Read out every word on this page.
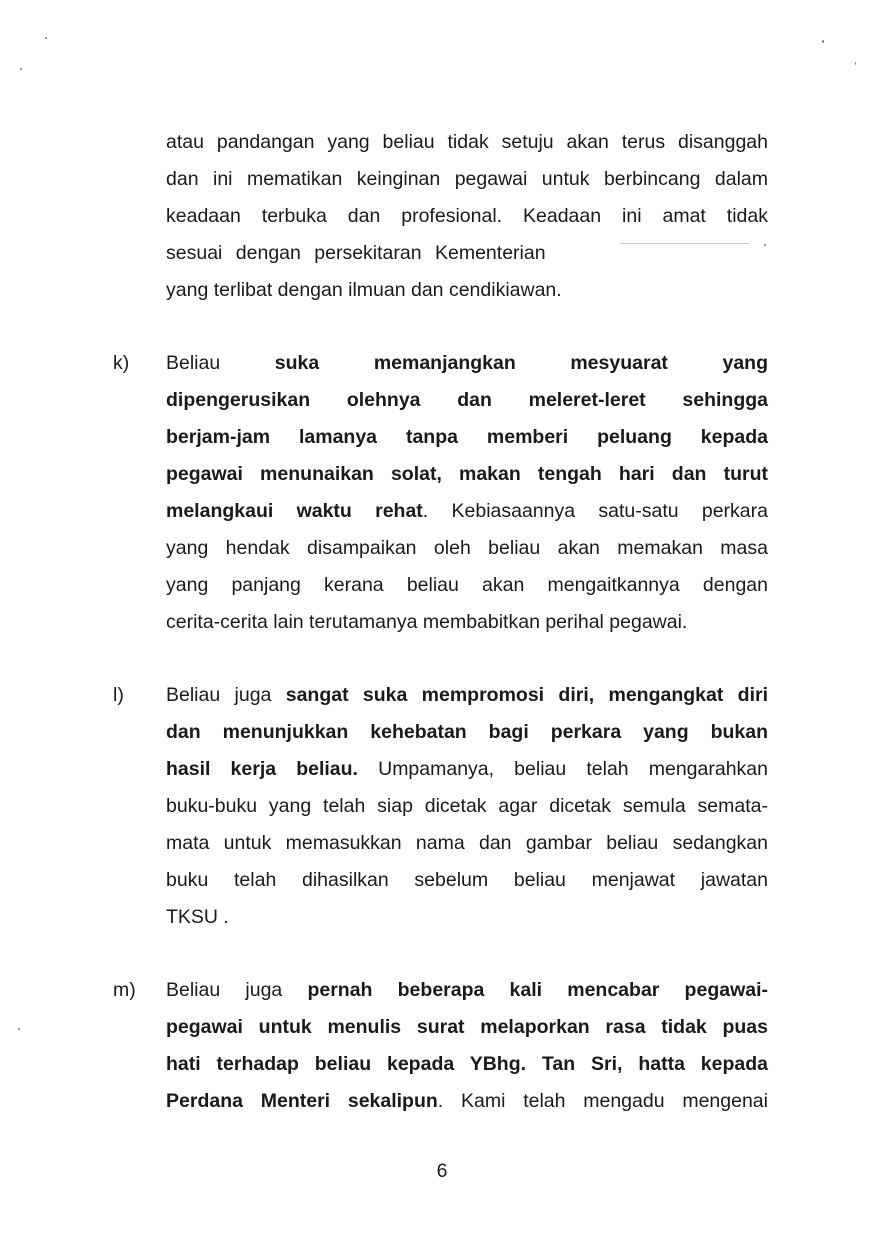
atau pandangan yang beliau tidak setuju akan terus disanggah
dan ini mematikan keinginan pegawai untuk berbincang dalam
keadaan terbuka dan profesional. Keadaan ini amat tidak
sesuai dengan persekitaran Kementerian
yang terlibat dengan ilmuan dan cendikiawan.
k) Beliau	suka memanjangkan mesyuarat yang
dipengerusikan olehnya dan meleret-leret sehingga
berjam-jam lamanya tanpa memberi peluang kepada
pegawai menunaikan solat, makan tengah hari dan turut
melangkaui waktu rehat. Kebiasaannya satu-satu perkara
yang hendak disampaikan oleh beliau akan memakan masa
yang panjang kerana beliau akan mengaitkannya dengan
cerita-cerita lain terutamanya membabitkan perihal pegawai.
l) Beliau juga sangat suka mempromosi diri, mengangkat diri
dan menunjukkan kehebatan bagi perkara yang bukan
hasil kerja beliau. Umpamanya, beliau telah mengarahkan
buku-buku yang telah siap dicetak agar dicetak semula semata-
mata untuk memasukkan nama dan gambar beliau sedangkan
buku telah dihasilkan sebelum beliau menjawat jawatan
TKSU .
m) Beliau juga pernah beberapa kali mencabar pegawai-
pegawai untuk menulis surat melaporkan rasa tidak puas
hati terhadap beliau kepada YBhg. Tan Sri, hatta kepada
Perdana Menteri sekalipun. Kami telah mengadu mengenai
6
